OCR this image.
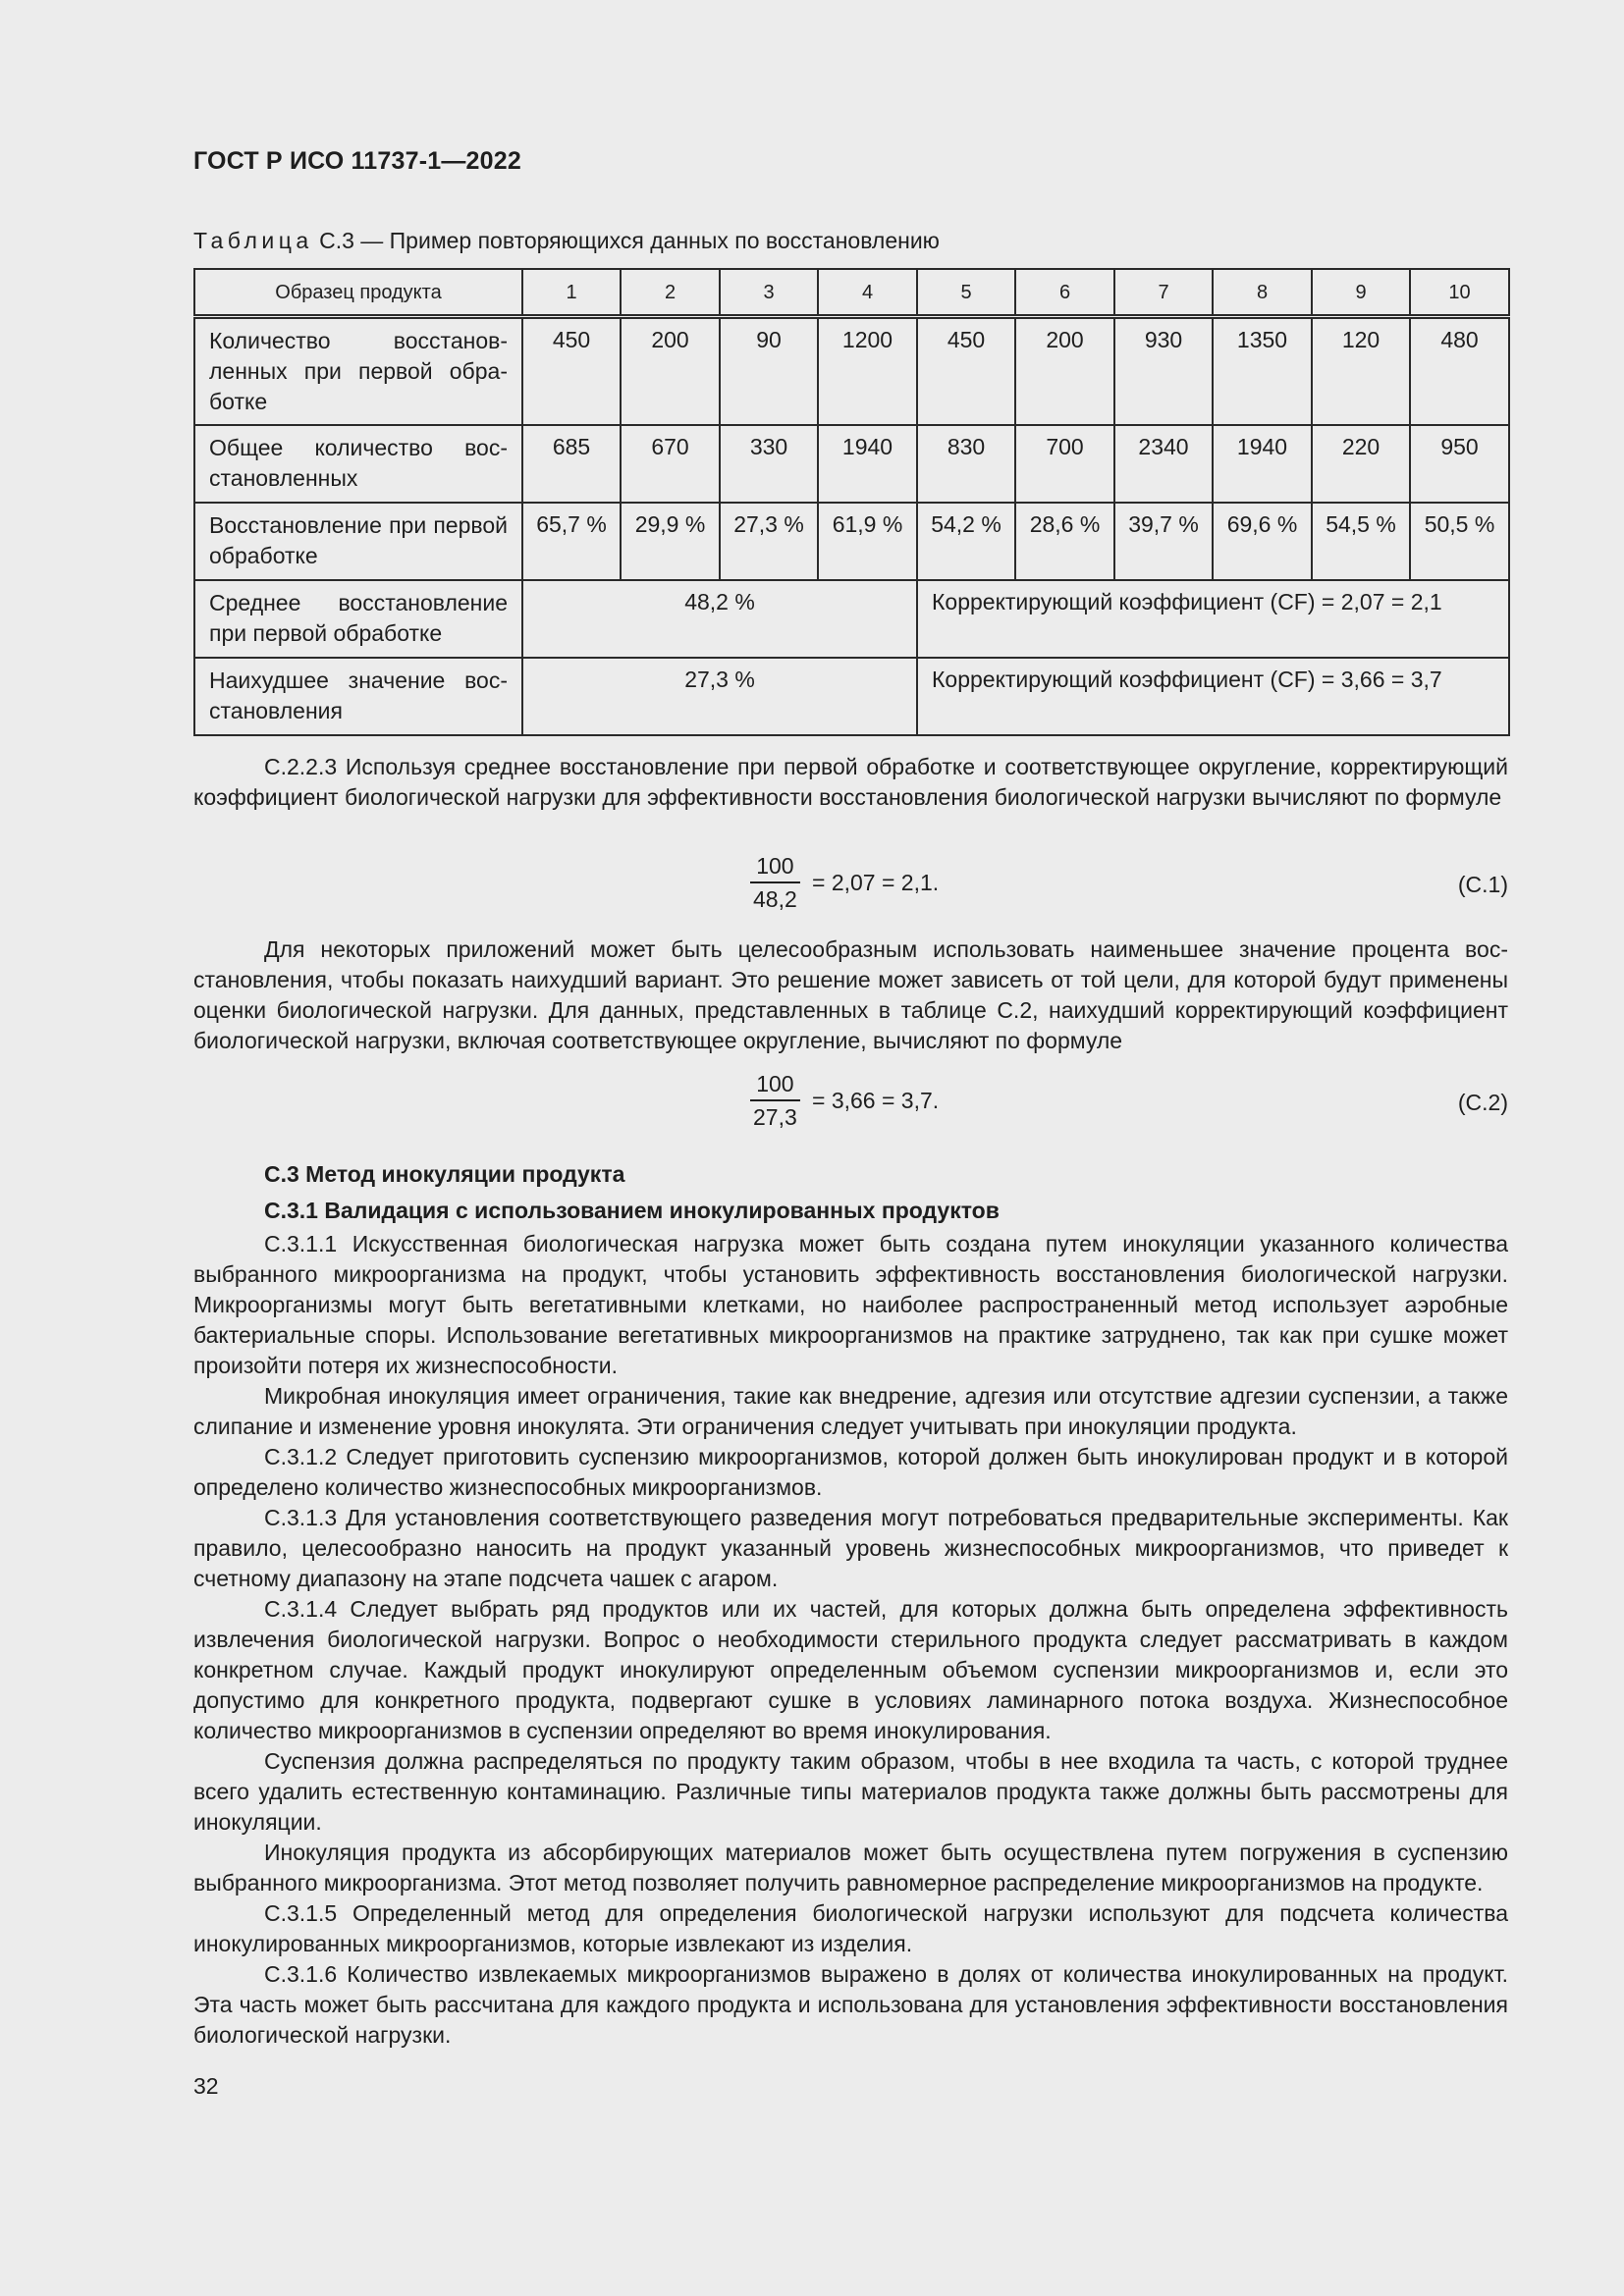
ГОСТ Р ИСО 11737-1—2022
Таблица С.3 — Пример повторяющихся данных по восстановлению
Образец продукта	1	2	3	4	5	6	7	8	9	10
Количество восстановленных при первой обработке	450	200	90	1200	450	200	930	1350	120	480
Общее количество восстановленных	685	670	330	1940	830	700	2340	1940	220	950
Восстановление при первой обработке	65,7 %	29,9 %	27,3 %	61,9 %	54,2 %	28,6 %	39,7 %	69,6 %	54,5 %	50,5 %
Среднее восстановление при первой обработке	48,2 %				Корректирующий коэффициент (CF) = 2,07 = 2,1					
Наихудшее значение восстановления	27,3 %				Корректирующий коэффициент (CF) = 3,66 = 3,7					

C.2.2.3 Используя среднее восстановление при первой обработке и соответствующее округление, корректирующий коэффициент биологической нагрузки для эффективности восстановления биологической нагрузки вычисляют по формуле

$\frac{100}{48,2} = 2,07 = 2,1$.	(C.1)

Для некоторых приложений может быть целесообразным использовать наименьшее значение процента восстановления, чтобы показать наихудший вариант. Это решение может зависеть от той цели, для которой будут применены оценки биологической нагрузки. Для данных, представленных в таблице C.2, наихудший корректирующий коэффициент биологической нагрузки, включая соответствующее округление, вычисляют по формуле

$\frac{100}{27,3} = 3,66 = 3,7$.	(C.2)
C.3 Метод инокуляции продукта
C.3.1 Валидация с использованием инокулированных продуктов

C.3.1.1 Искусственная биологическая нагрузка может быть создана путем инокуляции указанного количества выбранного микроорганизма на продукт, чтобы установить эффективность восстановления биологической нагрузки. Микроорганизмы могут быть вегетативными клетками, но наиболее распространенный метод использует аэробные бактериальные споры. Использование вегетативных микроорганизмов на практике затруднено, так как при сушке может произойти потеря их жизнеспособности.

Микробная инокуляция имеет ограничения, такие как внедрение, адгезия или отсутствие адгезии суспензии, а также слипание и изменение уровня инокулята. Эти ограничения следует учитывать при инокуляции продукта.

C.3.1.2 Следует приготовить суспензию микроорганизмов, которой должен быть инокулирован продукт и в которой определено количество жизнеспособных микроорганизмов.

C.3.1.3 Для установления соответствующего разведения могут потребоваться предварительные эксперименты. Как правило, целесообразно наносить на продукт указанный уровень жизнеспособных микроорганизмов, что приведет к счетному диапазону на этапе подсчета чашек с агаром.

C.3.1.4 Следует выбрать ряд продуктов или их частей, для которых должна быть определена эффективность извлечения биологической нагрузки. Вопрос о необходимости стерильного продукта следует рассматривать в каждом конкретном случае. Каждый продукт инокулируют определенным объемом суспензии микроорганизмов и, если это допустимо для конкретного продукта, подвергают сушке в условиях ламинарного потока воздуха. Жизнеспособное количество микроорганизмов в суспензии определяют во время инокулирования.

Суспензия должна распределяться по продукту таким образом, чтобы в нее входила та часть, с которой труднее всего удалить естественную контаминацию. Различные типы материалов продукта также должны быть рассмотрены для инокуляции.

Инокуляция продукта из абсорбирующих материалов может быть осуществлена путем погружения в суспензию выбранного микроорганизма. Этот метод позволяет получить равномерное распределение микроорганизмов на продукте.

C.3.1.5 Определенный метод для определения биологической нагрузки используют для подсчета количества инокулированных микроорганизмов, которые извлекают из изделия.

C.3.1.6 Количество извлекаемых микроорганизмов выражено в долях от количества инокулированных на продукт. Эта часть может быть рассчитана для каждого продукта и использована для установления эффективности восстановления биологической нагрузки.

32
